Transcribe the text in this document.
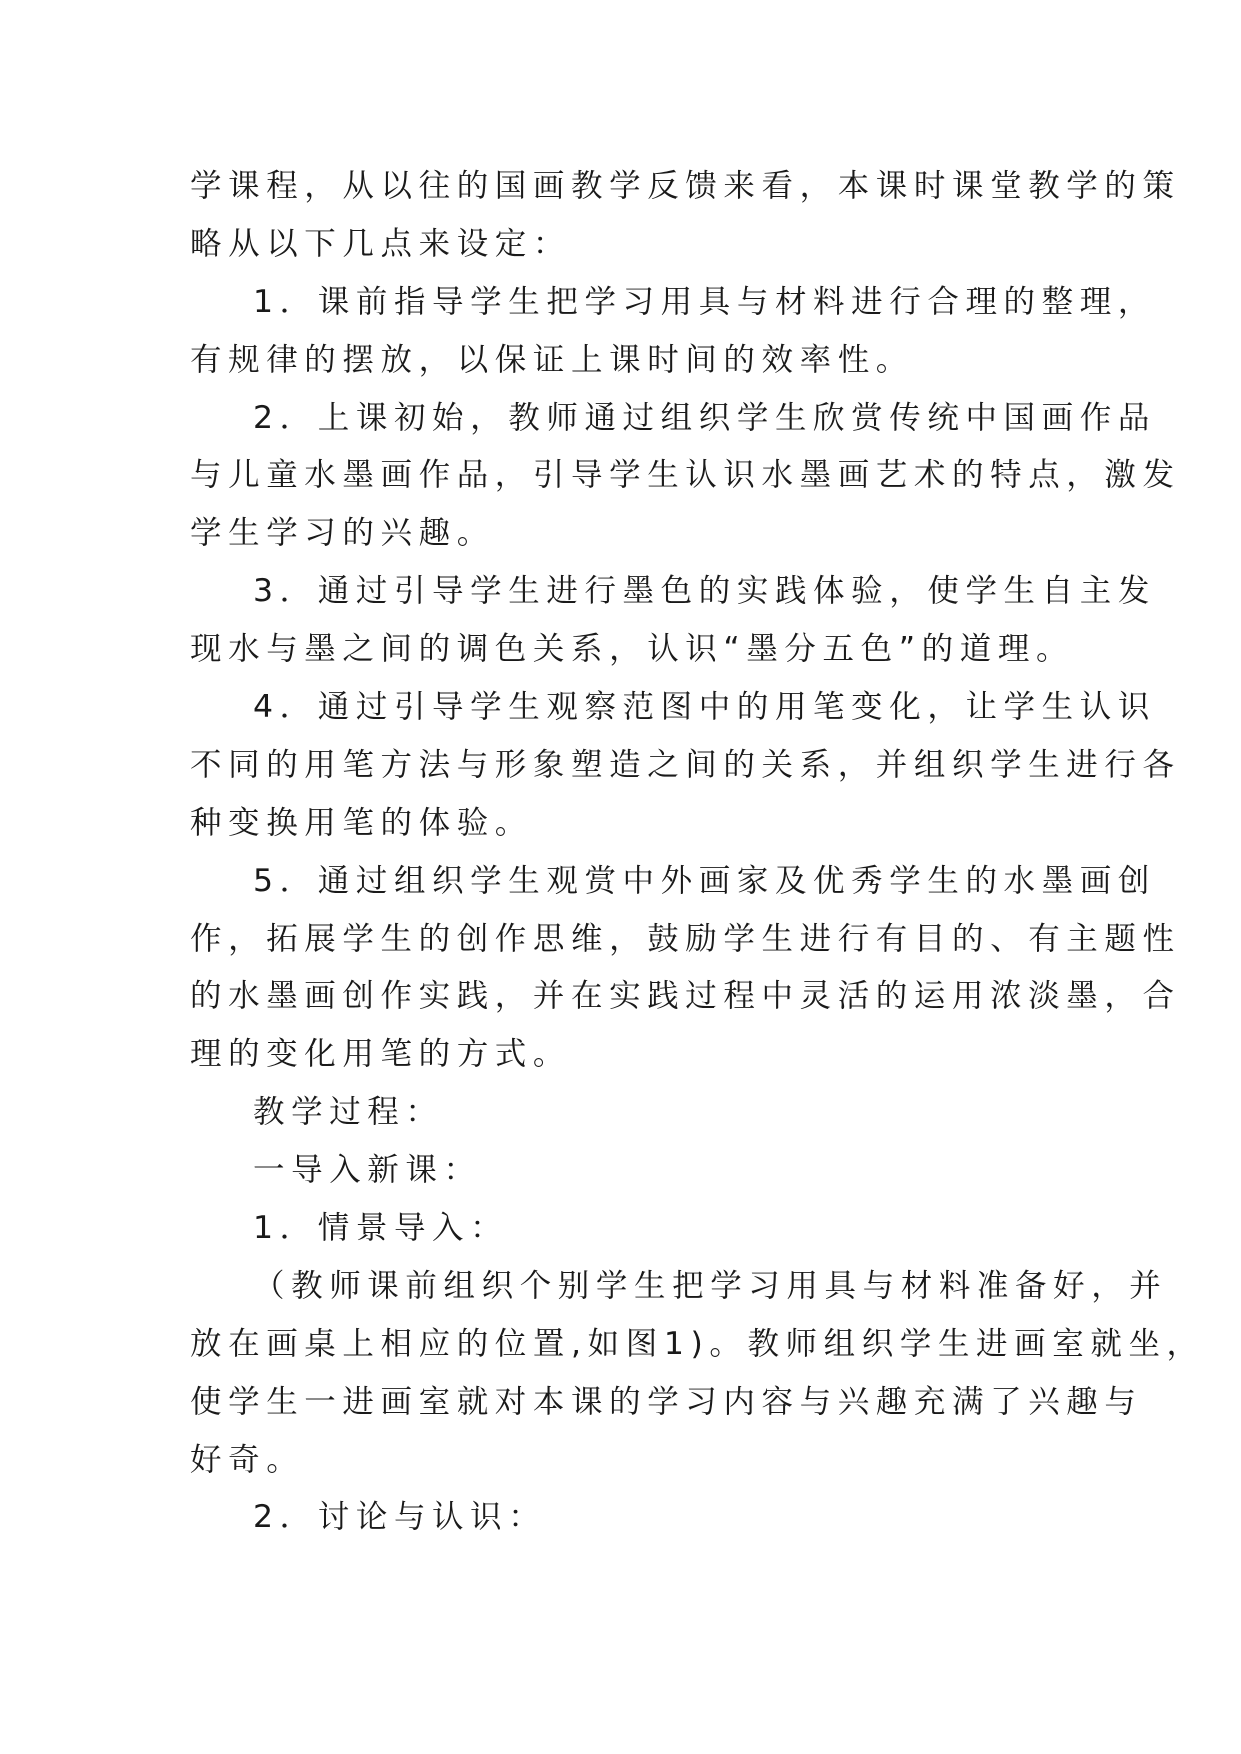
学课程，从以往的国画教学反馈来看，本课时课堂教学的策
略从以下几点来设定：
1．课前指导学生把学习用具与材料进行合理的整理，
有规律的摆放，以保证上课时间的效率性。
2．上课初始，教师通过组织学生欣赏传统中国画作品
与儿童水墨画作品，引导学生认识水墨画艺术的特点，激发
学生学习的兴趣。
3．通过引导学生进行墨色的实践体验，使学生自主发
现水与墨之间的调色关系，认识“墨分五色”的道理。
4．通过引导学生观察范图中的用笔变化，让学生认识
不同的用笔方法与形象塑造之间的关系，并组织学生进行各
种变换用笔的体验。
5．通过组织学生观赏中外画家及优秀学生的水墨画创
作，拓展学生的创作思维，鼓励学生进行有目的、有主题性
的水墨画创作实践，并在实践过程中灵活的运用浓淡墨，合
理的变化用笔的方式。
教学过程：
一导入新课：
1．情景导入：
（教师课前组织个别学生把学习用具与材料准备好，并
放在画桌上相应的位置,如图1)。教师组织学生进画室就坐，
使学生一进画室就对本课的学习内容与兴趣充满了兴趣与
好奇。
2．讨论与认识：
